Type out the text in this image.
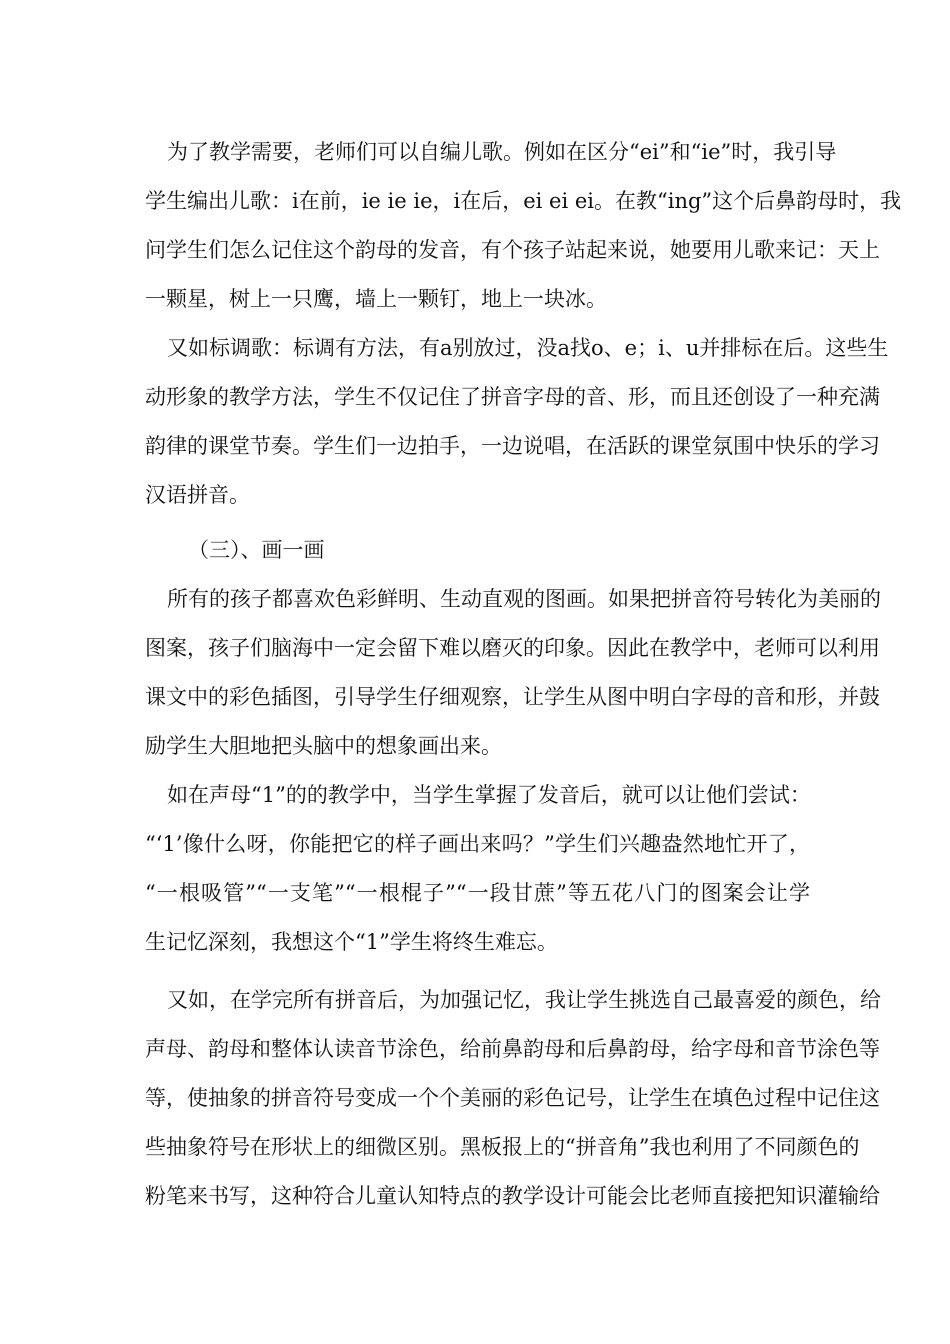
为了教学需要，老师们可以自编儿歌。例如在区分“ei”和“ie”时，我引导
学生编出儿歌：i在前，ie ie ie，i在后，ei ei ei。在教“ing”这个后鼻韵母时，我
问学生们怎么记住这个韵母的发音，有个孩子站起来说，她要用儿歌来记：天上
一颗星，树上一只鹰，墙上一颗钉，地上一块冰。
又如标调歌：标调有方法，有a别放过，没a找o、e；i、u并排标在后。这些生
动形象的教学方法，学生不仅记住了拼音字母的音、形，而且还创设了一种充满
韵律的课堂节奏。学生们一边拍手，一边说唱，在活跃的课堂氛围中快乐的学习
汉语拼音。
（三）、画一画
所有的孩子都喜欢色彩鲜明、生动直观的图画。如果把拼音符号转化为美丽的
图案，孩子们脑海中一定会留下难以磨灭的印象。因此在教学中，老师可以利用
课文中的彩色插图，引导学生仔细观察，让学生从图中明白字母的音和形，并鼓
励学生大胆地把头脑中的想象画出来。
如在声母“1”的的教学中，当学生掌握了发音后，就可以让他们尝试：
“‘1’像什么呀，你能把它的样子画出来吗？”学生们兴趣盎然地忙开了，
“一根吸管”“一支笔”“一根棍子”“一段甘蔗”等五花八门的图案会让学
生记忆深刻，我想这个“1”学生将终生难忘。
又如，在学完所有拼音后，为加强记忆，我让学生挑选自己最喜爱的颜色，给
声母、韵母和整体认读音节涂色，给前鼻韵母和后鼻韵母，给字母和音节涂色等
等，使抽象的拼音符号变成一个个美丽的彩色记号，让学生在填色过程中记住这
些抽象符号在形状上的细微区别。黑板报上的“拼音角”我也利用了不同颜色的
粉笔来书写，这种符合儿童认知特点的教学设计可能会比老师直接把知识灌输给
